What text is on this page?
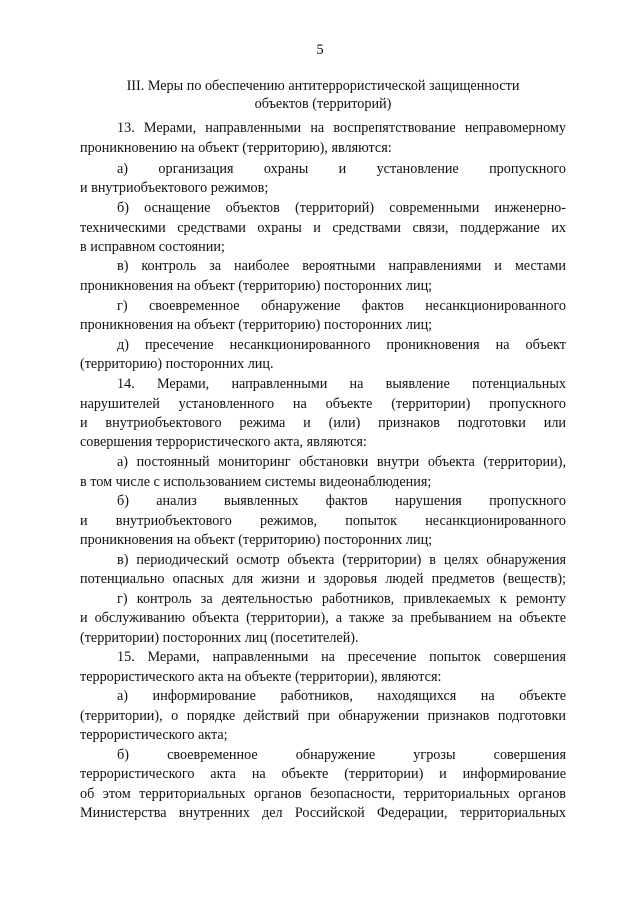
5
III. Меры по обеспечению антитеррористической защищенности
объектов (территорий)
13. Мерами, направленными на воспрепятствование неправомерному
проникновению на объект (территорию), являются:
а) организация охраны и установление пропускного
и внутриобъектового режимов;
б) оснащение объектов (территорий) современными инженерно-
техническими средствами охраны и средствами связи, поддержание их
в исправном состоянии;
в) контроль за наиболее вероятными направлениями и местами
проникновения на объект (территорию) посторонних лиц;
г) своевременное обнаружение фактов несанкционированного
проникновения на объект (территорию) посторонних лиц;
д) пресечение несанкционированного проникновения на объект
(территорию) посторонних лиц.
14. Мерами, направленными на выявление потенциальных
нарушителей установленного на объекте (территории) пропускного
и внутриобъектового режима и (или) признаков подготовки или
совершения террористического акта, являются:
а) постоянный мониторинг обстановки внутри объекта (территории),
в том числе с использованием системы видеонаблюдения;
б) анализ выявленных фактов нарушения пропускного
и внутриобъектового режимов, попыток несанкционированного
проникновения на объект (территорию) посторонних лиц;
в) периодический осмотр объекта (территории) в целях обнаружения
потенциально опасных для жизни и здоровья людей предметов (веществ);
г) контроль за деятельностью работников, привлекаемых к ремонту
и обслуживанию объекта (территории), а также за пребыванием на объекте
(территории) посторонних лиц (посетителей).
15. Мерами, направленными на пресечение попыток совершения
террористического акта на объекте (территории), являются:
а) информирование работников, находящихся на объекте
(территории), о порядке действий при обнаружении признаков подготовки
террористического акта;
б) своевременное обнаружение угрозы совершения
террористического акта на объекте (территории) и информирование
об этом территориальных органов безопасности, территориальных органов
Министерства внутренних дел Российской Федерации, территориальных
